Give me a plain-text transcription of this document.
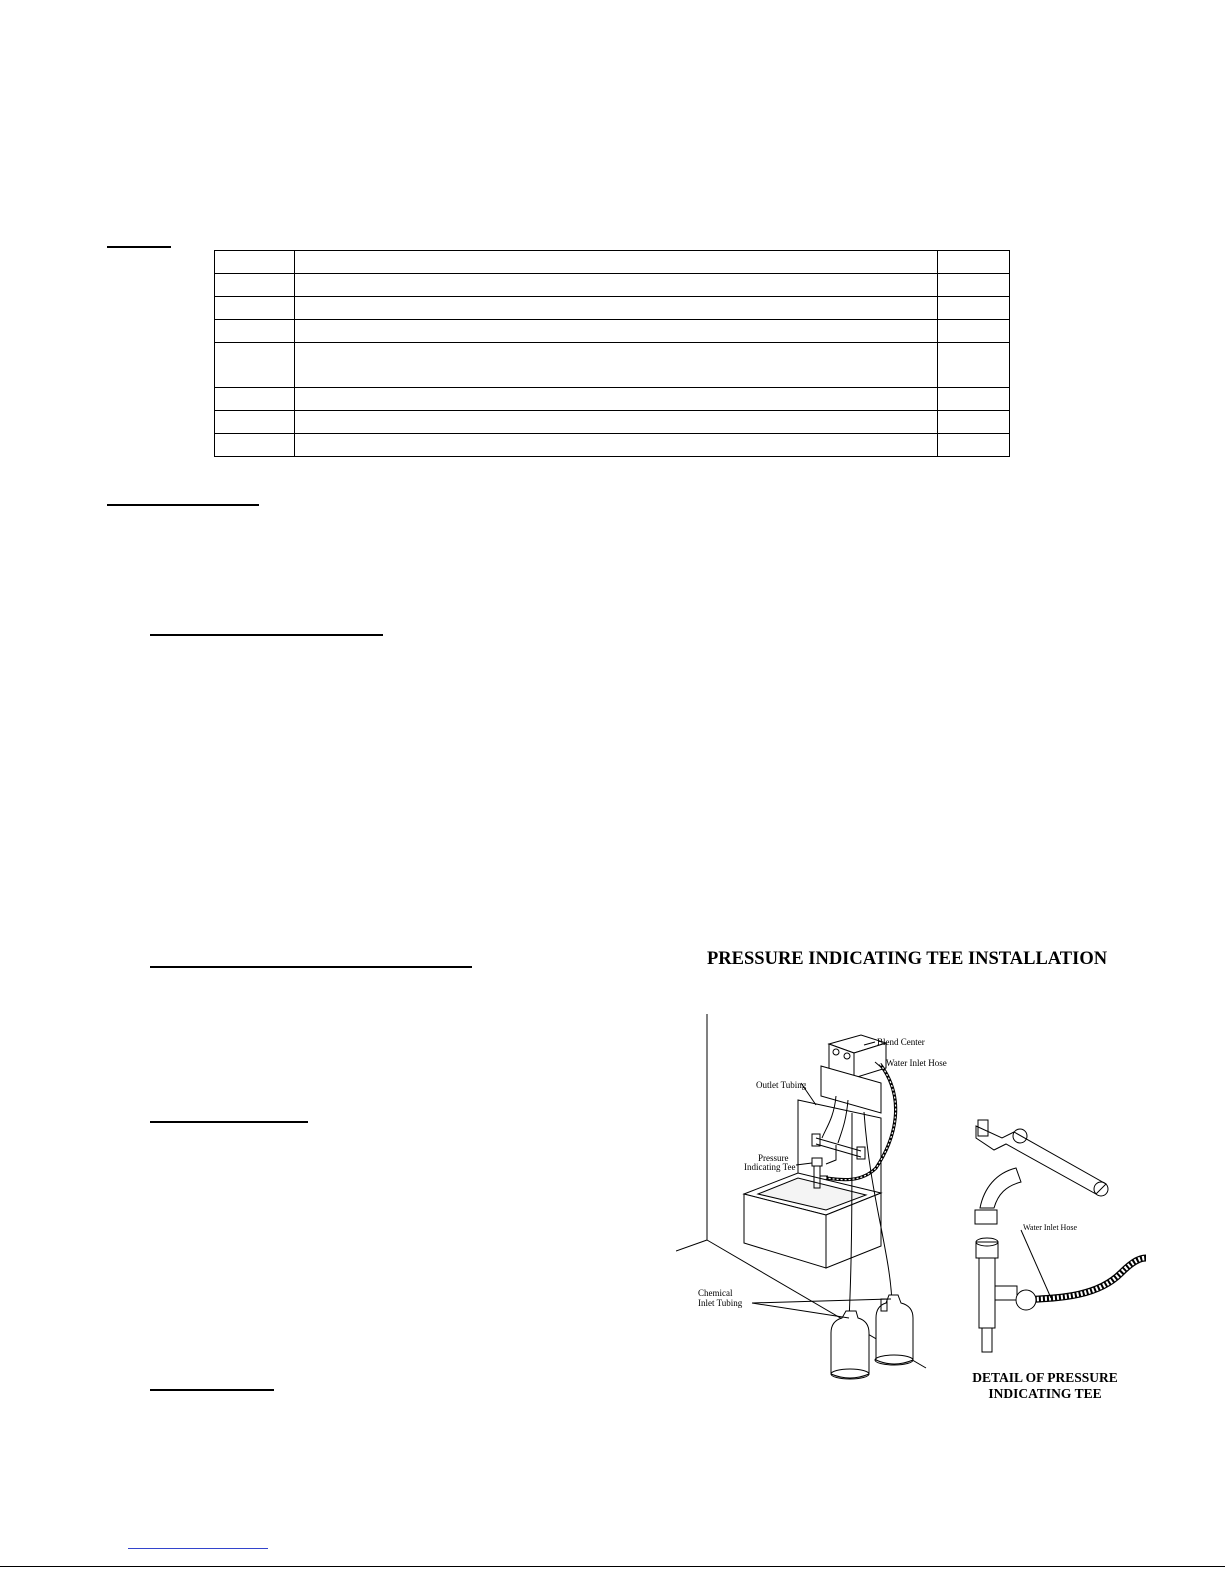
PRESSURE INDICATING TEE INSTALLATION
Blend Center
Water Inlet Hose
Outlet Tubing
Pressure
Indicating Tee
Chemical
Inlet Tubing
Water Inlet Hose
DETAIL OF PRESSURE
INDICATING TEE
